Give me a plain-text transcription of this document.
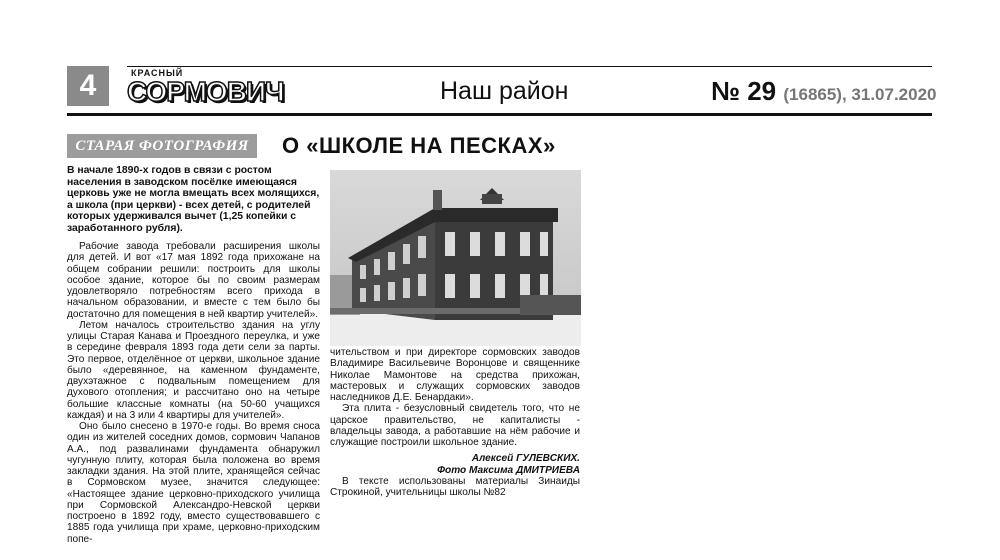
4	КРАСНЫЙ
СОРМОВИЧ	Наш район	№ 29 (16865), 31.07.2020
СТАРАЯ ФОТОГРАФИЯ	О «ШКОЛЕ НА ПЕСКАХ»
В начале 1890-х годов в связи с ростом населения в заводском посёлке имеющаяся церковь уже не могла вмещать всех молящихся, а школа (при церкви) - всех детей, с родителей которых удерживался вычет (1,25 копейки с заработанного рубля).

Рабочие завода требовали расширения школы для детей. И вот «17 мая 1892 года прихожане на общем собрании решили: построить для школы особое здание, которое бы по своим размерам удовлетворяло потребностям всего прихода в начальном образовании, и вместе с тем было бы достаточно для помещения в ней квартир учителей».

Летом началось строительство здания на углу улицы Старая Канава и Проездного переулка, и уже в середине февраля 1893 года дети сели за парты. Это первое, отделённое от церкви, школьное здание было «деревянное, на каменном фундаменте, двухэтажное с подвальным помещением для духового отопления; и рассчитано оно на четыре большие классные комнаты (на 50-60 учащихся каждая) и на 3 или 4 квартиры для учителей».

Оно было снесено в 1970-е годы. Во время сноса один из жителей соседних домов, сормович Чапанов А.А., под развалинами фундамента обнаружил чугунную плиту, которая была положена во время закладки здания. На этой плите, хранящейся сейчас в Сормовском музее, значится следующее: «Настоящее здание церковно-приходского училища при Сормовской Александро-Невской церкви построено в 1892 году, вместо существовавшего с 1885 года училища при храме, церковно-приходским попе-

чительством и при директоре сормовских заводов Владимире Васильевиче Воронцове и священнике Николае Мамонтове на средства прихожан, мастеровых и служащих сормовских заводов наследников Д.Е. Бенардаки».

Эта плита - безусловный свидетель того, что не царское правительство, не капиталисты - владельцы завода, а работавшие на нём рабочие и служащие построили школьное здание.

Алексей ГУЛЕВСКИХ.

Фото Максима ДМИТРИЕВА

В тексте использованы материалы Зинаиды Строкиной, учительницы школы №82
